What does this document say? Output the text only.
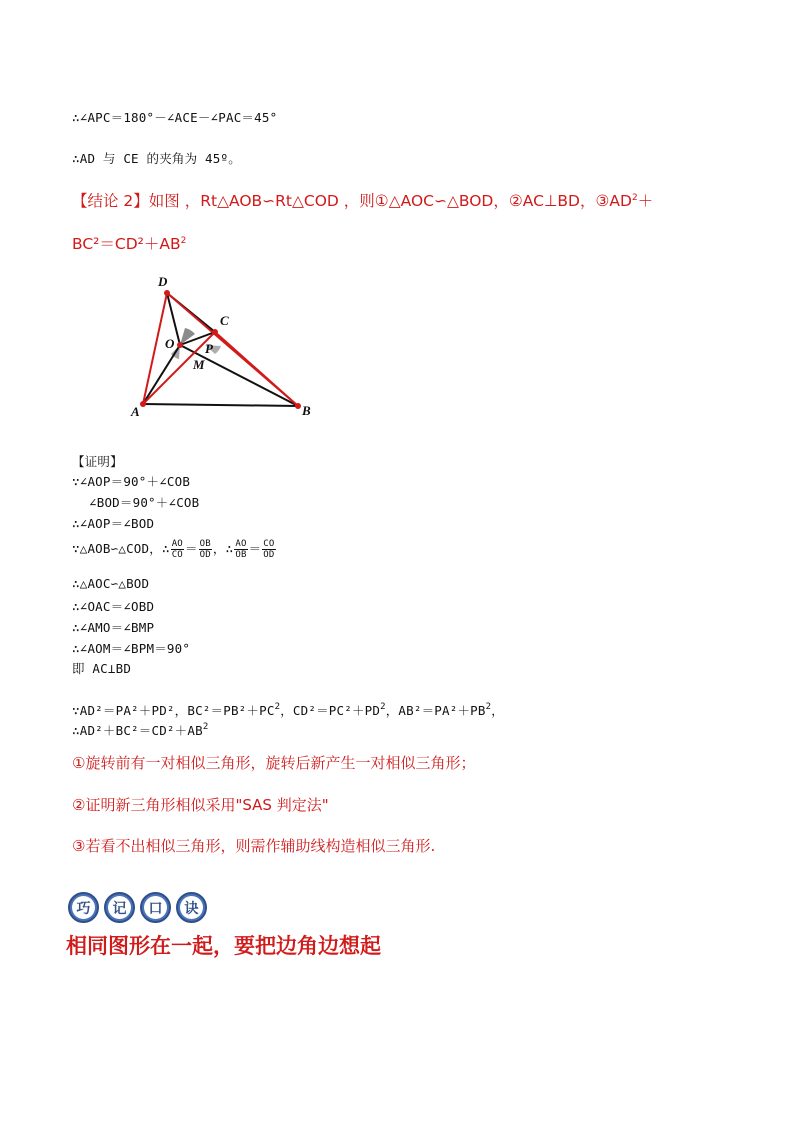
∴∠APC＝180°－∠ACE－∠PAC＝45°
∴AD 与 CE 的夹角为 45º。
【结论 2】如图 ，Rt△AOB∽Rt△COD ，则①△AOC∽△BOD，②AC⊥BD，$③AD^2+$
$BC^2=CD^2+AB^2$
D
C
O P
M
A	B
【证明】
∵∠AOP＝90°＋∠COB
∠BOD＝90°＋∠COB
∴∠AOP＝∠BOD
∵△AOB∽△COD，∴ $\frac{AO}{CO} = \frac{OB}{OD}$ ，∴ $\frac{AO}{OB} = \frac{CO}{OD}$
∴△AOC∽△BOD
∴∠OAC＝∠OBD
∴∠AMO＝∠BMP
∴∠AOM＝∠BPM＝90°
即 AC⊥BD
∵AD²＝PA²＋PD²，$BC^2=PB^2+PC^2$，$CD^2=PC^2+PD^2$，$AB^2=PA^2+PB^2$，
$\therefore AD^2+BC^2=CD^2+AB^2$
①旋转前有一对相似三角形，旋转后新产生一对相似三角形；
②证明新三角形相似采用"SAS 判定法"
③若看不出相似三角形，则需作辅助线构造相似三角形.
巧	记	口	诀
相同图形在一起，要把边角边想起
